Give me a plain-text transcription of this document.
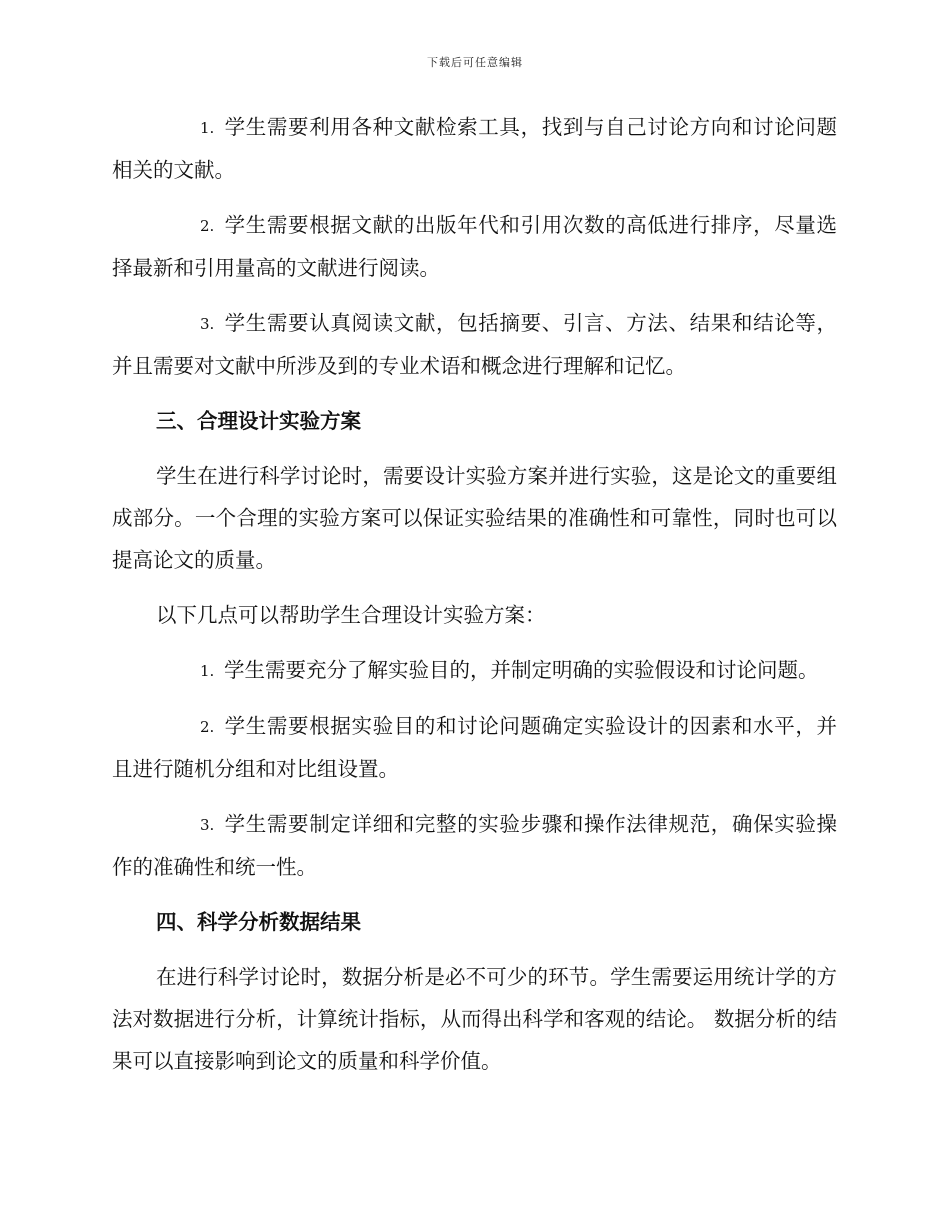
下载后可任意编辑

1. 学生需要利用各种文献检索工具，找到与自己讨论方向和讨论问题相关的文献。

2. 学生需要根据文献的出版年代和引用次数的高低进行排序，尽量选择最新和引用量高的文献进行阅读。

3. 学生需要认真阅读文献，包括摘要、引言、方法、结果和结论等，并且需要对文献中所涉及到的专业术语和概念进行理解和记忆。

三、合理设计实验方案

学生在进行科学讨论时，需要设计实验方案并进行实验，这是论文的重要组成部分。一个合理的实验方案可以保证实验结果的准确性和可靠性，同时也可以提高论文的质量。

以下几点可以帮助学生合理设计实验方案：

1. 学生需要充分了解实验目的，并制定明确的实验假设和讨论问题。

2. 学生需要根据实验目的和讨论问题确定实验设计的因素和水平，并且进行随机分组和对比组设置。

3. 学生需要制定详细和完整的实验步骤和操作法律规范，确保实验操作的准确性和统一性。

四、科学分析数据结果

在进行科学讨论时，数据分析是必不可少的环节。学生需要运用统计学的方法对数据进行分析，计算统计指标，从而得出科学和客观的结论。 数据分析的结果可以直接影响到论文的质量和科学价值。
